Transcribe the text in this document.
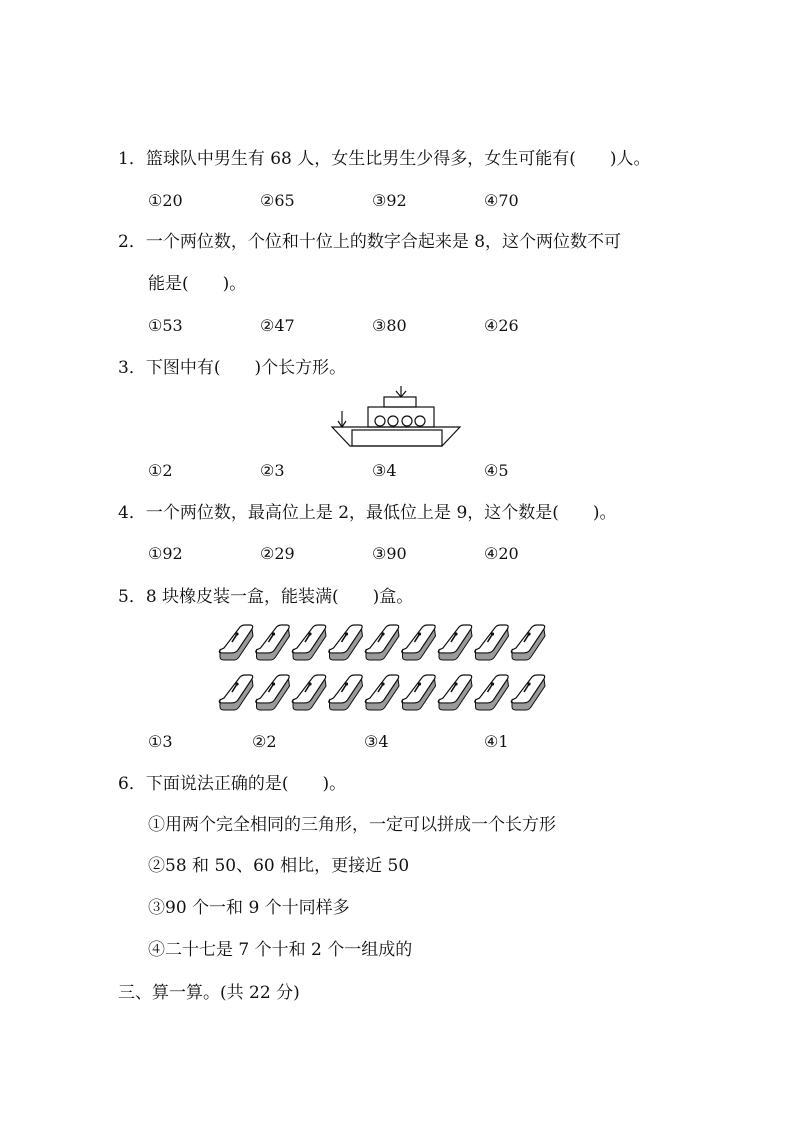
1．篮球队中男生有 68 人，女生比男生少得多，女生可能有(　　)人。
①20	②65	③92	④70
2．一个两位数，个位和十位上的数字合起来是 8，这个两位数不可
能是(　　)。
①53	②47	③80	④26
3．下图中有(　　)个长方形。
①2	②3	③4	④5
4．一个两位数，最高位上是 2，最低位上是 9，这个数是(　　)。
①92	②29	③90	④20
5．8 块橡皮装一盒，能装满(　　)盒。
①3	②2	③4	④1
6．下面说法正确的是(　　)。
①用两个完全相同的三角形，一定可以拼成一个长方形
②58 和 50、60 相比，更接近 50
③90 个一和 9 个十同样多
④二十七是 7 个十和 2 个一组成的
三、算一算。(共 22 分)
